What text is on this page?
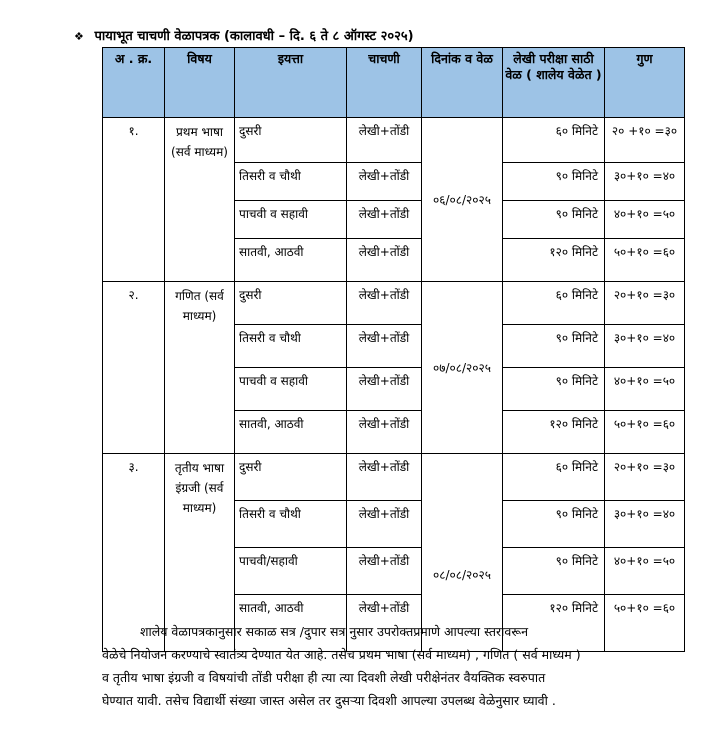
❖ पायाभूत चाचणी वेळापत्रक (कालावधी – दि. ६ ते ८ ऑगस्ट २०२५)
अ . क्र.	विषय	इयत्ता	चाचणी	दिनांक व वेळ	लेखी परीक्षा साठी वेळ ( शालेय वेळेत )	गुण
१.	प्रथम भाषा (सर्व माध्यम)	दुसरी	लेखी+तोंडी	०६/०८/२०२५	६० मिनिटे	२० +१० =३०
		तिसरी व चौथी	लेखी+तोंडी		९० मिनिटे	३०+१० =४०
		पाचवी व सहावी	लेखी+तोंडी		९० मिनिटे	४०+१० =५०
		सातवी, आठवी	लेखी+तोंडी		१२० मिनिटे	५०+१० =६०
२.	गणित (सर्व माध्यम)	दुसरी	लेखी+तोंडी	०७/०८/२०२५	६० मिनिटे	२०+१० =३०
		तिसरी व चौथी	लेखी+तोंडी		९० मिनिटे	३०+१० =४०
		पाचवी व सहावी	लेखी+तोंडी		९० मिनिटे	४०+१० =५०
		सातवी, आठवी	लेखी+तोंडी		१२० मिनिटे	५०+१० =६०
३.	तृतीय भाषा इंग्रजी (सर्व माध्यम)	दुसरी	लेखी+तोंडी	०८/०८/२०२५	६० मिनिटे	२०+१० =३०
		तिसरी व चौथी	लेखी+तोंडी		९० मिनिटे	३०+१० =४०
		पाचवी/सहावी	लेखी+तोंडी		९० मिनिटे	४०+१० =५०
		सातवी, आठवी	लेखी+तोंडी		१२० मिनिटे	५०+१० =६०
शालेय वेळापत्रकानुसार सकाळ सत्र /दुपार सत्र नुसार उपरोक्तप्रमाणे आपल्या स्तरावरून
वेळेचे नियोजन करण्याचे स्वातंत्र्य देण्यात येत आहे. तसेच प्रथम भाषा (सर्व माध्यम) , गणित ( सर्व माध्यम )
व तृतीय भाषा इंग्रजी व विषयांची तोंडी परीक्षा ही त्या त्या दिवशी लेखी परीक्षेनंतर वैयक्तिक स्वरुपात
घेण्यात यावी. तसेच विद्यार्थी संख्या जास्त असेल तर दुसऱ्या दिवशी आपल्या उपलब्ध वेळेनुसार घ्यावी .
